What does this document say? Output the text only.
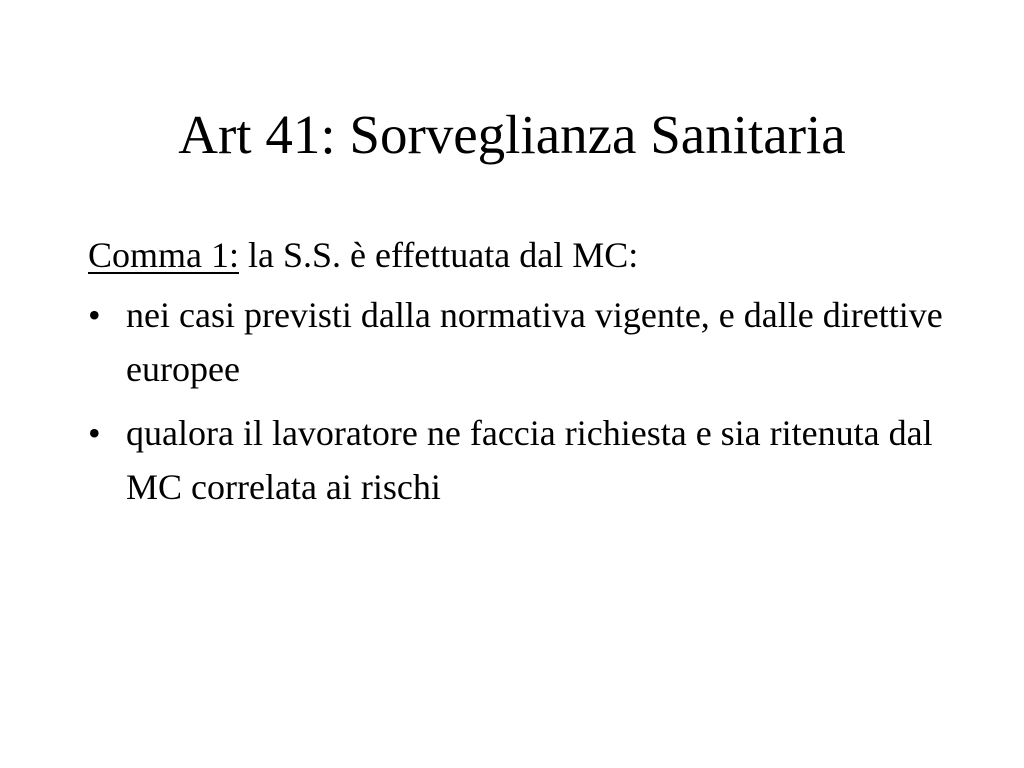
Art 41: Sorveglianza Sanitaria

Comma 1: la S.S. è effettuata dal MC:

• nei casi previsti dalla normativa vigente, e dalle direttive europee
• qualora il lavoratore ne faccia richiesta e sia ritenuta dal MC correlata ai rischi
